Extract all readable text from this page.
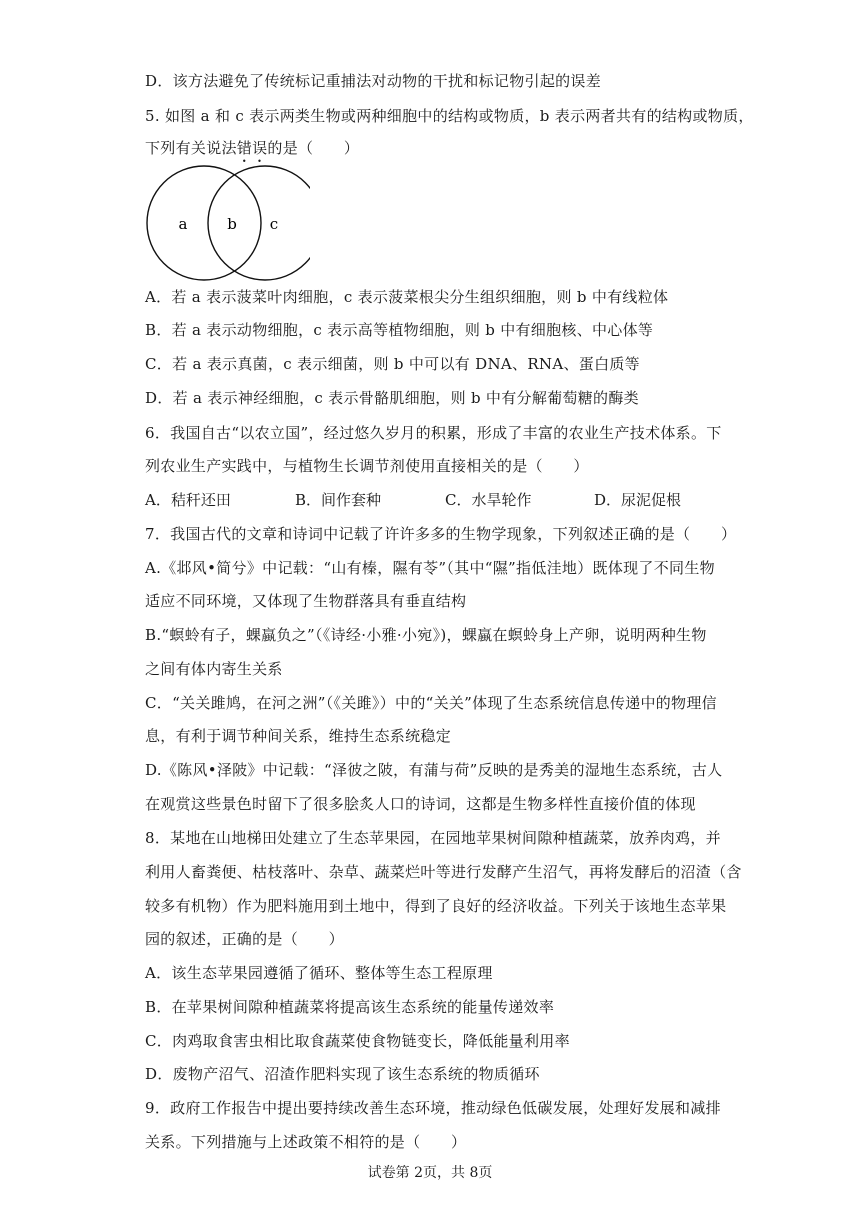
D．该方法避免了传统标记重捕法对动物的干扰和标记物引起的误差
5. 如图 a 和 c 表示两类生物或两种细胞中的结构或物质，b 表示两者共有的结构或物质，
下列有关说法错误的是（　　）
a	b c
A．若 a 表示菠菜叶肉细胞，c 表示菠菜根尖分生组织细胞，则 b 中有线粒体
B．若 a 表示动物细胞，c 表示高等植物细胞，则 b 中有细胞核、中心体等
C．若 a 表示真菌，c 表示细菌，则 b 中可以有 DNA、RNA、蛋白质等
D．若 a 表示神经细胞，c 表示骨骼肌细胞，则 b 中有分解葡萄糖的酶类
6．我国自古“以农立国”，经过悠久岁月的积累，形成了丰富的农业生产技术体系。下
列农业生产实践中，与植物生长调节剂使用直接相关的是（　　）
A．秸秆还田	B．间作套种	C．水旱轮作	D．尿泥促根
7．我国古代的文章和诗词中记载了许许多多的生物学现象，下列叙述正确的是（　　）
A.《邶风•简兮》中记载：“山有榛，隰有苓”（其中“隰”指低洼地）既体现了不同生物
适应不同环境，又体现了生物群落具有垂直结构
B.“螟蛉有子，蜾蠃负之”（《诗经·小雅·小宛》)，蜾蠃在螟蛉身上产卵，说明两种生物
之间有体内寄生关系
C．“关关雎鸠，在河之洲”（《关雎》）中的“关关”体现了生态系统信息传递中的物理信
息，有利于调节种间关系，维持生态系统稳定
D.《陈风•泽陂》中记载：“泽彼之陂，有蒲与荷”反映的是秀美的湿地生态系统，古人
在观赏这些景色时留下了很多脍炙人口的诗词，这都是生物多样性直接价值的体现
8．某地在山地梯田处建立了生态苹果园，在园地苹果树间隙种植蔬菜，放养肉鸡，并
利用人畜粪便、枯枝落叶、杂草、蔬菜烂叶等进行发酵产生沼气，再将发酵后的沼渣（含
较多有机物）作为肥料施用到土地中，得到了良好的经济收益。下列关于该地生态苹果
园的叙述，正确的是（　　）
A．该生态苹果园遵循了循环、整体等生态工程原理
B．在苹果树间隙种植蔬菜将提高该生态系统的能量传递效率
C．肉鸡取食害虫相比取食蔬菜使食物链变长，降低能量利用率
D．废物产沼气、沼渣作肥料实现了该生态系统的物质循环
9．政府工作报告中提出要持续改善生态环境，推动绿色低碳发展，处理好发展和减排
关系。下列措施与上述政策不相符的是（　　）
试卷第 2页，共 8页
